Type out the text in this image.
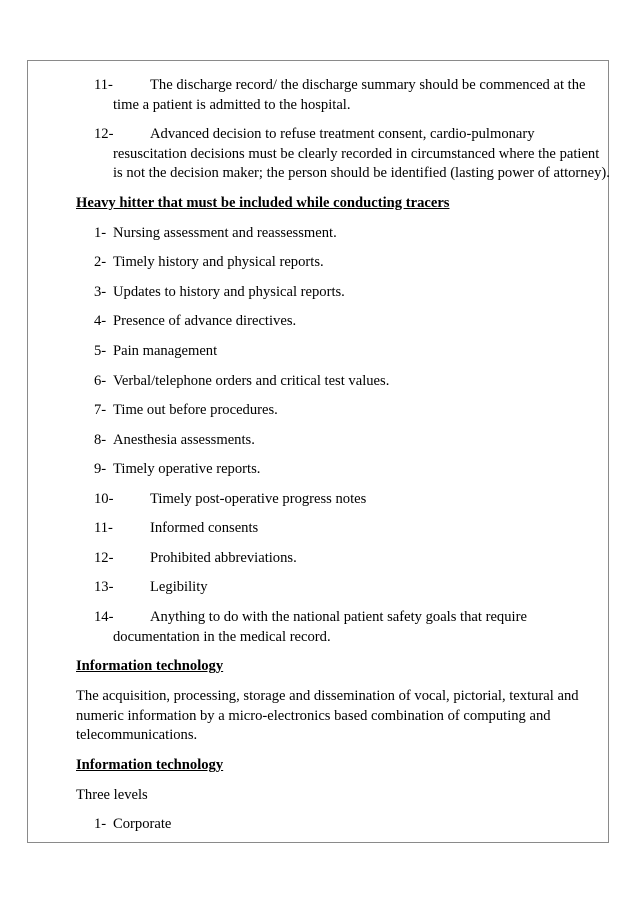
11-	The discharge record/ the discharge summary should be commenced at the
time a patient is admitted to the hospital.
12-	Advanced decision to refuse treatment consent, cardio-pulmonary
resuscitation decisions must be clearly recorded in circumstanced where the patient
is not the decision maker; the person should be identified (lasting power of attorney).
Heavy hitter that must be included while conducting tracers
1- Nursing assessment and reassessment.
2- Timely history and physical reports.
3- Updates to history and physical reports.
4- Presence of advance directives.
5- Pain management
6- Verbal/telephone orders and critical test values.
7- Time out before procedures.
8- Anesthesia assessments.
9- Timely operative reports.
10-	Timely post-operative progress notes
11-	Informed consents
12-	Prohibited abbreviations.
13-	Legibility
14-	Anything to do with the national patient safety goals that require
documentation in the medical record.
Information technology
The acquisition, processing, storage and dissemination of vocal, pictorial, textural and
numeric information by a micro-electronics based combination of computing and
telecommunications.
Information technology
Three levels
1- Corporate
